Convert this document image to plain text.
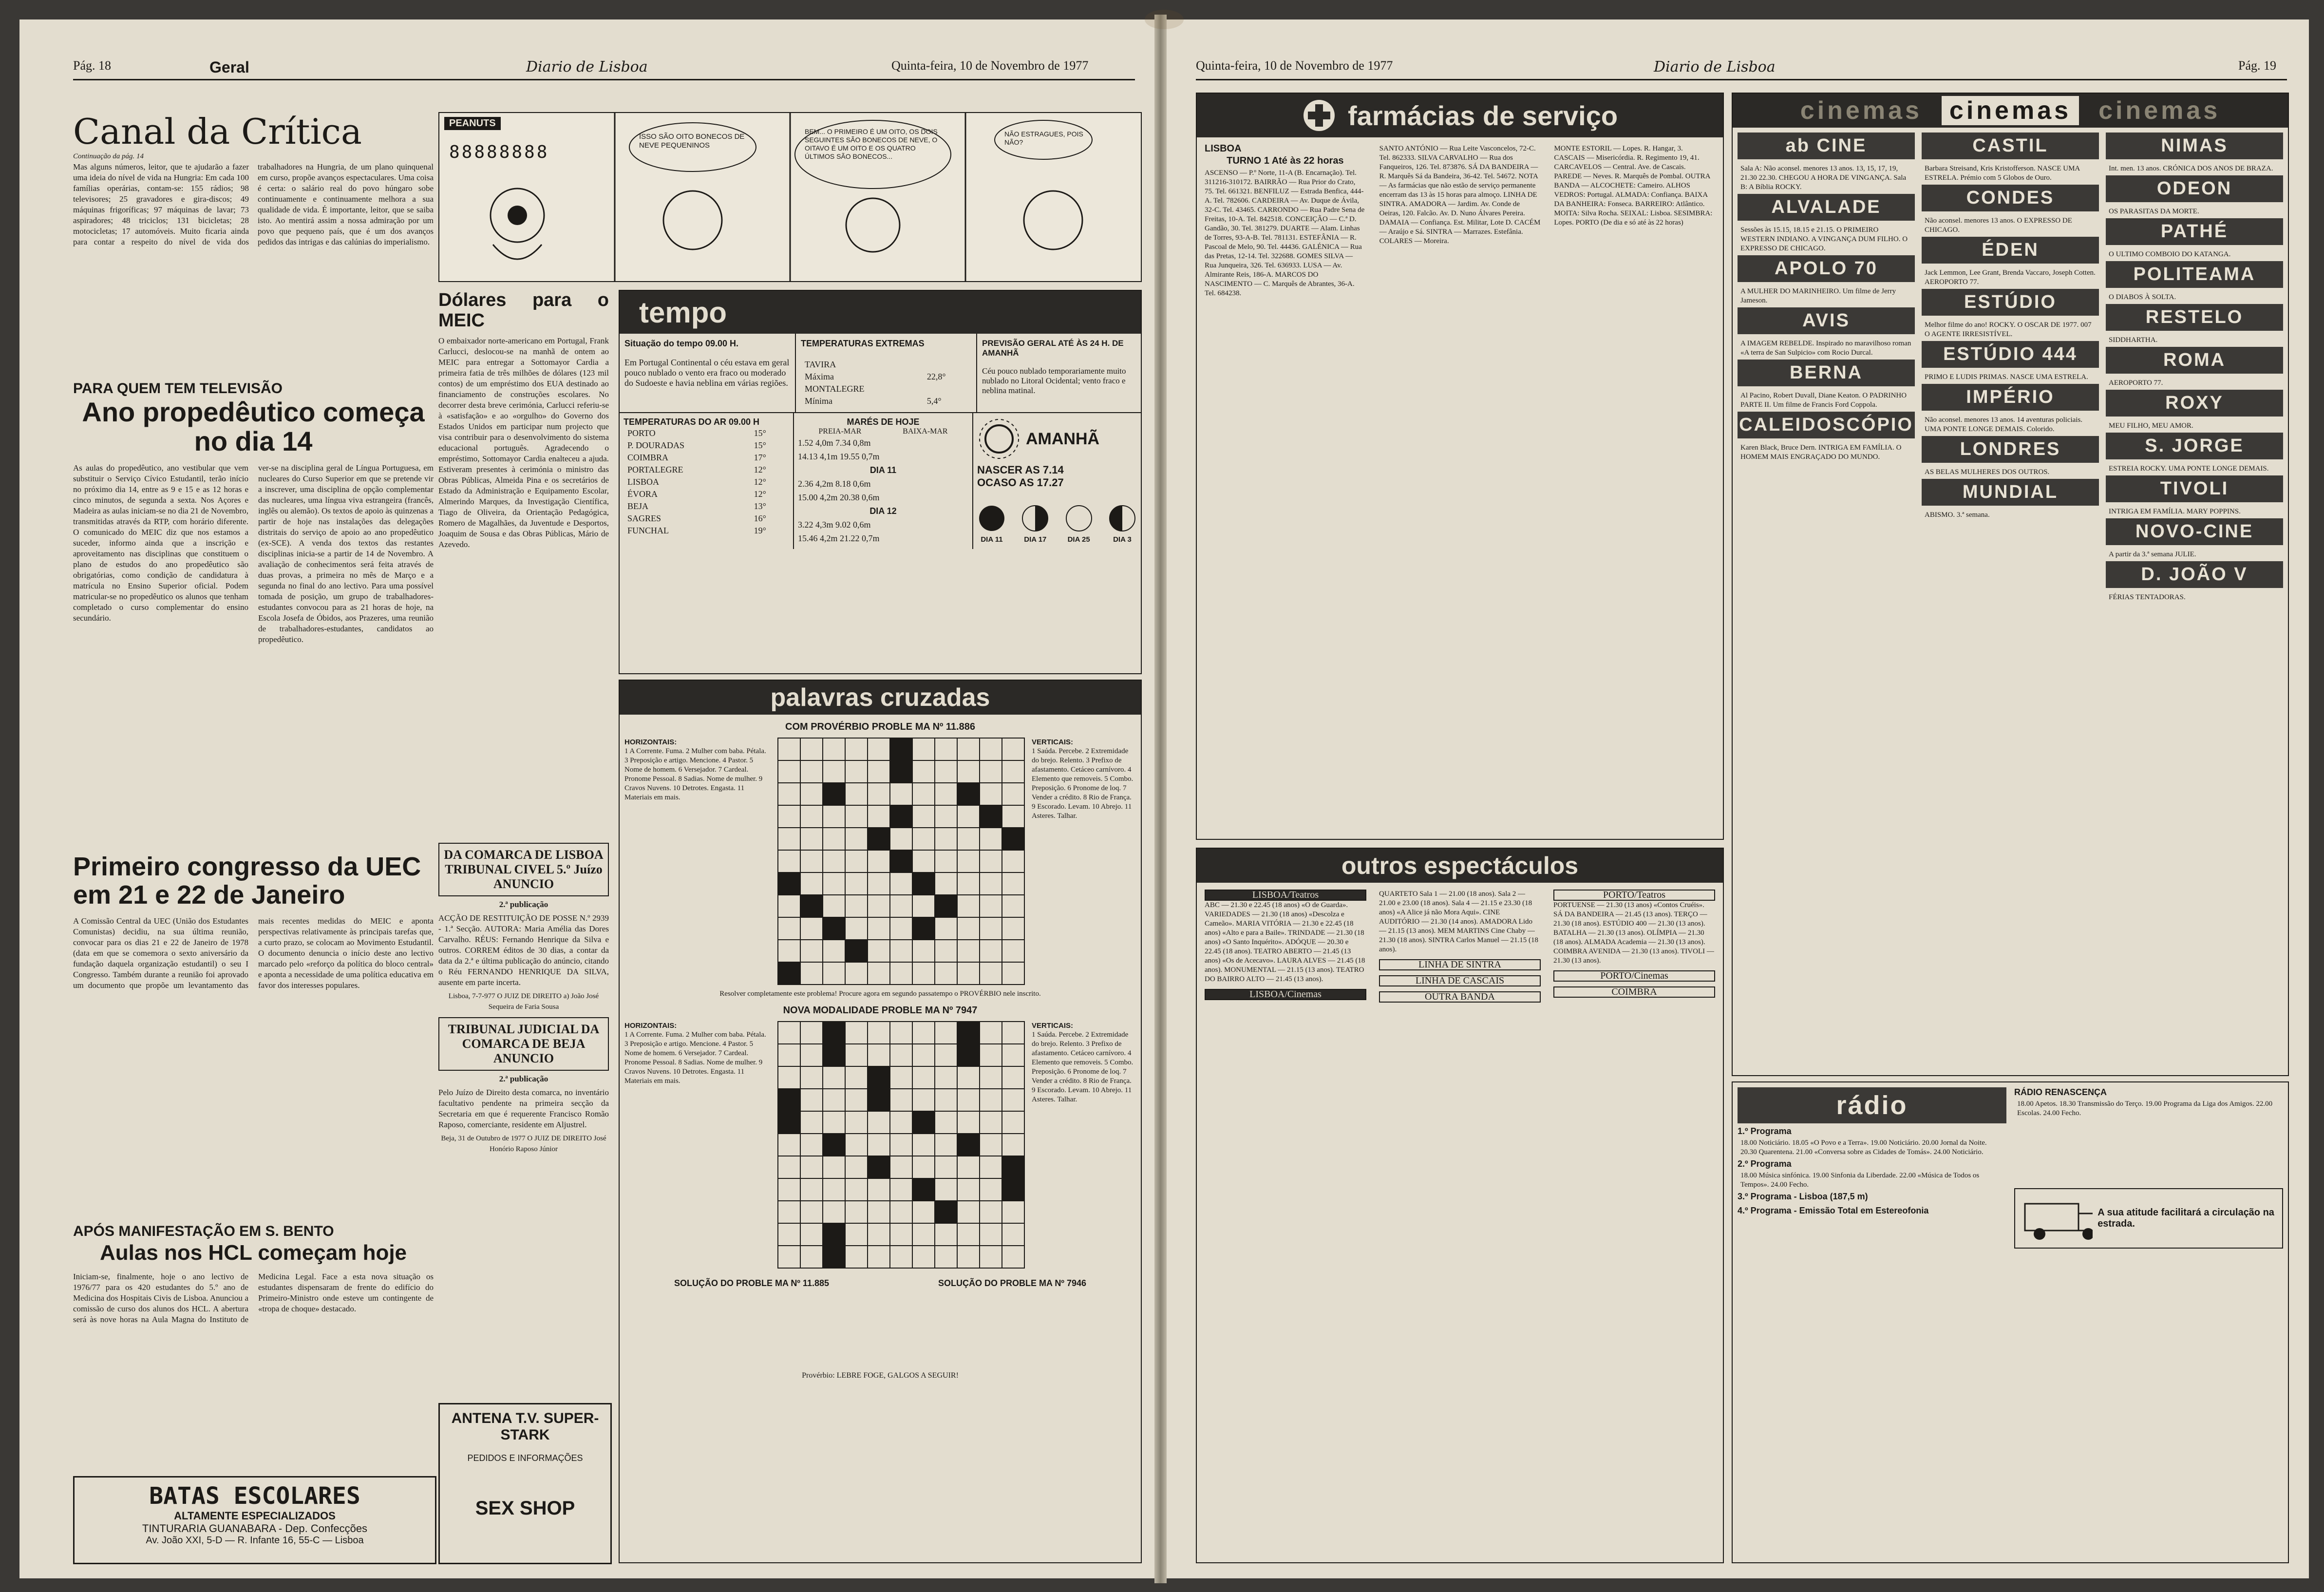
Pág. 18	Geral	Diario de Lisboa	Quinta-feira, 10 de Novembro de 1977
Canal da Crítica
Continuação da pág. 14

Mas alguns números, leitor, que te ajudarão a fazer uma ideia do nível de vida na Hungria: Em cada 100 famílias operárias, contam-se: 155 rádios; 98 televisores; 25 gravadores e gira-discos; 49 máquinas frigoríficas; 97 máquinas de lavar; 73 aspiradores; 48 triciclos; 131 bicicletas; 28 motocicletas; 17 automóveis. Muito ficaria ainda para contar a respeito do nível de vida dos trabalhadores na Hungria, de um plano quinquenal em curso, propõe avanços espectaculares. Uma coisa é certa: o salário real do povo húngaro sobe continuamente e continuamente melhora a sua qualidade de vida. É importante, leitor, que se saiba isto. Ao mentirá assim a nossa admiração por um povo que pequeno país, que é um dos avanços pedidos das intrigas e das calúnias do imperialismo.

PEANUTS
88888888
ISSO SÃO OITO BONECOS DE NEVE PEQUENINOS
BEM... O PRIMEIRO É UM OITO, OS DOIS SEGUINTES SÃO BONECOS DE NEVE, O OITAVO É UM OITO E OS QUATRO ÚLTIMOS SÃO BONECOS...
NÃO ESTRAGUES, POIS NÃO?
Dólares para o MEIC

O embaixador norte-americano em Portugal, Frank Carlucci, deslocou-se na manhã de ontem ao MEIC para entregar a Sottomayor Cardia a primeira fatia de três milhões de dólares (123 mil contos) de um empréstimo dos EUA destinado ao financiamento de construções escolares. No decorrer desta breve cerimónia, Carlucci referiu-se à «satisfação» e ao «orgulho» do Governo dos Estados Unidos em participar num projecto que visa contribuir para o desenvolvimento do sistema educacional português. Agradecendo o empréstimo, Sottomayor Cardia enalteceu a ajuda. Estiveram presentes à cerimónia o ministro das Obras Públicas, Almeida Pina e os secretários de Estado da Administração e Equipamento Escolar, Almerindo Marques, da Investigação Científica, Tiago de Oliveira, da Orientação Pedagógica, Romero de Magalhães, da Juventude e Desportos, Joaquim de Sousa e das Obras Públicas, Mário de Azevedo.

PARA QUEM TEM TELEVISÃO
Ano propedêutico começa no dia 14

As aulas do propedêutico, ano vestibular que vem substituir o Serviço Cívico Estudantil, terão início no próximo dia 14, entre as 9 e 15 e as 12 horas e cinco minutos, de segunda a sexta. Nos Açores e Madeira as aulas iniciam-se no dia 21 de Novembro, transmitidas através da RTP, com horário diferente. O comunicado do MEIC diz que nos estamos a suceder, informo ainda que a inscrição e aproveitamento nas disciplinas que constituem o plano de estudos do ano propedêutico são obrigatórias, como condição de candidatura à matrícula no Ensino Superior oficial. Podem matricular-se no propedêutico os alunos que tenham completado o curso complementar do ensino secundário.

ver-se na disciplina geral de Língua Portuguesa, em nucleares do Curso Superior em que se pretende vir a inscrever, uma disciplina de opção complementar das nucleares, uma língua viva estrangeira (francês, inglês ou alemão). Os textos de apoio às quinzenas a partir de hoje nas instalações das delegações distritais do serviço de apoio ao ano propedêutico (ex-SCE). A venda dos textos das restantes disciplinas inicia-se a partir de 14 de Novembro. A avaliação de conhecimentos será feita através de duas provas, a primeira no mês de Março e a segunda no final do ano lectivo. Para uma possível tomada de posição, um grupo de trabalhadores-estudantes convocou para as 21 horas de hoje, na Escola Josefa de Óbidos, aos Prazeres, uma reunião de trabalhadores-estudantes, candidatos ao propedêutico.

Primeiro congresso da UEC em 21 e 22 de Janeiro

A Comissão Central da UEC (União dos Estudantes Comunistas) decidiu, na sua última reunião, convocar para os dias 21 e 22 de Janeiro de 1978 (data em que se comemora o sexto aniversário da fundação daquela organização estudantil) o seu I Congresso. Também durante a reunião foi aprovado um documento que propõe um levantamento das mais recentes medidas do MEIC e aponta perspectivas relativamente às principais tarefas que, a curto prazo, se colocam ao Movimento Estudantil. O documento denuncia o início deste ano lectivo marcado pelo «reforço da política do bloco central» e aponta a necessidade de uma política educativa em favor dos interesses populares.

APÓS MANIFESTAÇÃO EM S. BENTO
Aulas nos HCL começam hoje

Iniciam-se, finalmente, hoje o ano lectivo de 1976/77 para os 420 estudantes do 5.º ano de Medicina dos Hospitais Civis de Lisboa. Anunciou a comissão de curso dos alunos dos HCL. A abertura será às nove horas na Aula Magna do Instituto de Medicina Legal. Face a esta nova situação os estudantes dispensaram de frente do edifício do Primeiro-Ministro onde esteve um contingente de «tropa de choque» destacado.

DA COMARCA DE LISBOA TRIBUNAL CIVEL 5.º Juízo ANUNCIO
2.ª publicação

ACÇÃO DE RESTITUIÇÃO DE POSSE N.º 2939 - 1.ª Secção. AUTORA: Maria Amélia das Dores Carvalho. RÉUS: Fernando Henrique da Silva e outros. CORREM éditos de 30 dias, a contar da data da 2.ª e última publicação do anúncio, citando o Réu FERNANDO HENRIQUE DA SILVA, ausente em parte incerta.

Lisboa, 7-7-977 O JUIZ DE DIREITO a) João José Sequeira de Faria Sousa

TRIBUNAL JUDICIAL DA COMARCA DE BEJA ANUNCIO
2.ª publicação

Pelo Juízo de Direito desta comarca, no inventário facultativo pendente na primeira secção da Secretaria em que é requerente Francisco Romão Raposo, comerciante, residente em Aljustrel.

Beja, 31 de Outubro de 1977 O JUIZ DE DIREITO José Honório Raposo Júnior

BATAS ESCOLARES
ALTAMENTE ESPECIALIZADOS
TINTURARIA GUANABARA - Dep. Confecções
Av. João XXI, 5-D — R. Infante 16, 55-C — Lisboa
ANTENA T.V. SUPER-STARK
PEDIDOS E INFORMAÇÕES
SEX SHOP
tempo
Situação do tempo 09.00 H.

Em Portugal Continental o céu estava em geral pouco nublado o vento era fraco ou moderado do Sudoeste e havia neblina em várias regiões.

TEMPERATURAS EXTREMAS
TAVIRA	
Máxima	22,8°
MONTALEGRE	
Mínima	5,4°
PREVISÃO GERAL ATÉ ÀS 24 H. DE AMANHÃ

Céu pouco nublado temporariamente muito nublado no Litoral Ocidental; vento fraco e neblina matinal.

TEMPERATURAS DO AR 09.00 H
PORTO	15°
P. DOURADAS	15°
COIMBRA	17°
PORTALEGRE	12°
LISBOA	12°
ÉVORA	12°
BEJA	13°
SAGRES	16°
FUNCHAL	19°
MARÉS DE HOJE
PREIA-MAR	BAIXA-MAR
1.52 4,0m 7.34 0,8m
14.13 4,1m 19.55 0,7m
DIA 11
2.36 4,2m 8.18 0,6m
15.00 4,2m 20.38 0,6m
DIA 12
3.22 4,3m 9.02 0,6m
15.46 4,2m 21.22 0,7m
AMANHÃ
NASCER AS 7.14
OCASO AS 17.27
DIA 11	DIA 17	DIA 25	DIA 3
palavras cruzadas
COM PROVÉRBIO PROBLE MA Nº 11.886
HORIZONTAIS:
1 A Corrente. Fuma. 2 Mulher com baba. Pétala. 3 Preposição e artigo. Mencione. 4 Pastor. 5 Nome de homem. 6 Versejador. 7 Cardeal. Pronome Pessoal. 8 Sadias. Nome de mulher. 9 Cravos Nuvens. 10 Detrotes. Engasta. 11 Materiais em mais.

VERTICAIS:
1 Saúda. Percebe. 2 Extremidade do brejo. Relento. 3 Prefixo de afastamento. Cetáceo carnívoro. 4 Elemento que removeis. 5 Combo. Preposição. 6 Pronome de loq. 7 Vender a crédito. 8 Rio de França. 9 Escorado. Levam. 10 Abrejo. 11 Asteres. Talhar.
Resolver completamente este problema! Procure agora em segundo passatempo o PROVÉRBIO nele inscrito.
NOVA MODALIDADE PROBLE MA Nº 7947
HORIZONTAIS:
1 A Corrente. Fuma. 2 Mulher com baba. Pétala. 3 Preposição e artigo. Mencione. 4 Pastor. 5 Nome de homem. 6 Versejador. 7 Cardeal. Pronome Pessoal. 8 Sadias. Nome de mulher. 9 Cravos Nuvens. 10 Detrotes. Engasta. 11 Materiais em mais.

VERTICAIS:
1 Saúda. Percebe. 2 Extremidade do brejo. Relento. 3 Prefixo de afastamento. Cetáceo carnívoro. 4 Elemento que removeis. 5 Combo. Preposição. 6 Pronome de loq. 7 Vender a crédito. 8 Rio de França. 9 Escorado. Levam. 10 Abrejo. 11 Asteres. Talhar.
SOLUÇÃO DO PROBLE MA Nº 11.885	SOLUÇÃO DO PROBLE MA Nº 7946
Provérbio: LEBRE FOGE, GALGOS A SEGUIR!
Quinta-feira, 10 de Novembro de 1977	Diario de Lisboa	Pág. 19
farmácias de serviço
LISBOA
TURNO 1 Até às 22 horas
ASCENSO — P.º Norte, 11-A (B. Encarnação). Tel. 311216-310172. BAIRRÃO — Rua Prior do Crato, 75. Tel. 661321. BENFILUZ — Estrada Benfica, 444-A. Tel. 782606. CARDEIRA — Av. Duque de Ávila, 32-C. Tel. 43465. CARRONDO — Rua Padre Sena de Freitas, 10-A. Tel. 842518. CONCEIÇÃO — C.ª D. Gandão, 30. Tel. 381279. DUARTE — Alam. Linhas de Torres, 93-A-B. Tel. 781131. ESTEFÂNIA — R. Pascoal de Melo, 90. Tel. 44436. GALÉNICA — Rua das Pretas, 12-14. Tel. 322688. GOMES SILVA — Rua Junqueira, 326. Tel. 636933. LUSA — Av. Almirante Reis, 186-A. MARCOS DO NASCIMENTO — C. Marquês de Abrantes, 36-A. Tel. 684238.
SANTO ANTÓNIO — Rua Leite Vasconcelos, 72-C. Tel. 862333. SILVA CARVALHO — Rua dos Fanqueiros, 126. Tel. 873876. SÁ DA BANDEIRA — R. Marquês Sá da Bandeira, 36-42. Tel. 54672. NOTA — As farmácias que não estão de serviço permanente encerram das 13 às 15 horas para almoço. LINHA DE SINTRA. AMADORA — Jardim. Av. Conde de Oeiras, 120. Falcão. Av. D. Nuno Álvares Pereira. DAMAIA — Confiança. Est. Militar, Lote D. CACÉM — Araújo e Sá. SINTRA — Marrazes. Estefânia. COLARES — Moreira.
MONTE ESTORIL — Lopes. R. Hangar, 3. CASCAIS — Misericórdia. R. Regimento 19, 41. CARCAVELOS — Central. Ave. de Cascais. PAREDE — Neves. R. Marquês de Pombal. OUTRA BANDA — ALCOCHETE: Cameiro. ALHOS VEDROS: Portugal. ALMADA: Confiança. BAIXA DA BANHEIRA: Fonseca. BARREIRO: Atlântico. MOITA: Silva Rocha. SEIXAL: Lisboa. SESIMBRA: Lopes. PORTO (De dia e só até às 22 horas)
outros espectáculos
LISBOA/Teatros
ABC — 21.30 e 22.45 (18 anos) «O de Guarda». VARIEDADES — 21.30 (18 anos) «Descolza e Cameão». MARIA VITÓRIA — 21.30 e 22.45 (18 anos) «Alto e para a Baile». TRINDADE — 21.30 (18 anos) «O Santo Inquérito». ADÓQUE — 20.30 e 22.45 (18 anos). TEATRO ABERTO — 21.45 (13 anos) «Os de Acecavo». LAURA ALVES — 21.45 (18 anos). MONUMENTAL — 21.15 (13 anos). TEATRO DO BAIRRO ALTO — 21.45 (13 anos).
LISBOA/Cinemas
QUARTETO Sala 1 — 21.00 (18 anos). Sala 2 — 21.00 e 23.00 (18 anos). Sala 4 — 21.15 e 23.30 (18 anos) «A Alice já não Mora Aqui». CINE AUDITÓRIO — 21.30 (14 anos). AMADORA Lido — 21.15 (13 anos). MEM MARTINS Cine Chaby — 21.30 (18 anos). SINTRA Carlos Manuel — 21.15 (18 anos).
LINHA DE SINTRA
LINHA DE CASCAIS
OUTRA BANDA
PORTO/Teatros
PORTUENSE — 21.30 (13 anos) «Contos Cruéis». SÁ DA BANDEIRA — 21.45 (13 anos). TERÇO — 21.30 (18 anos). ESTÚDIO 400 — 21.30 (13 anos). BATALHA — 21.30 (13 anos). OLÍMPIA — 21.30 (18 anos). ALMADA Academia — 21.30 (13 anos). COIMBRA AVENIDA — 21.30 (13 anos). TIVOLI — 21.30 (13 anos).
PORTO/Cinemas
COIMBRA
cinemas	cinemas	cinemas
ab CINE

Sala A: Não aconsel. menores 13 anos. 13, 15, 17, 19, 21.30 22.30. CHEGOU A HORA DE VINGANÇA. Sala B: A Bíblia ROCKY.

ALVALADE

Sessões às 15.15, 18.15 e 21.15. O PRIMEIRO WESTERN INDIANO. A VINGANÇA DUM FILHO. O EXPRESSO DE CHICAGO.

APOLO 70

A MULHER DO MARINHEIRO. Um filme de Jerry Jameson.

AVIS

A IMAGEM REBELDE. Inspirado no maravilhoso roman «A terra de San Sulpicio» com Rocio Durcal.

BERNA

Al Pacino, Robert Duvall, Diane Keaton. O PADRINHO PARTE II. Um filme de Francis Ford Coppola.

CALEIDOSCÓPIO

Karen Black, Bruce Dern. INTRIGA EM FAMÍLIA. O HOMEM MAIS ENGRAÇADO DO MUNDO.

CASTIL

Barbara Streisand, Kris Kristofferson. NASCE UMA ESTRELA. Prémio com 5 Globos de Ouro.

CONDES

Não aconsel. menores 13 anos. O EXPRESSO DE CHICAGO.

ÉDEN

Jack Lemmon, Lee Grant, Brenda Vaccaro, Joseph Cotten. AEROPORTO 77.

ESTÚDIO

Melhor filme do ano! ROCKY. O OSCAR DE 1977. 007 O AGENTE IRRESISTÍVEL.

ESTÚDIO 444

PRIMO E LUDIS PRIMAS. NASCE UMA ESTRELA.

IMPÉRIO

Não aconsel. menores 13 anos. 14 aventuras policiais. UMA PONTE LONGE DEMAIS. Colorido.

LONDRES

AS BELAS MULHERES DOS OUTROS.

MUNDIAL

ABISMO. 3.ª semana.

NIMAS

Int. men. 13 anos. CRÓNICA DOS ANOS DE BRAZA.

ODEON

OS PARASITAS DA MORTE.

PATHÉ

O ULTIMO COMBOIO DO KATANGA.

POLITEAMA

O DIABOS À SOLTA.

RESTELO

SIDDHARTHA.

ROMA

AEROPORTO 77.

ROXY

MEU FILHO, MEU AMOR.

S. JORGE

ESTREIA ROCKY. UMA PONTE LONGE DEMAIS.

TIVOLI

INTRIGA EM FAMÍLIA. MARY POPPINS.

NOVO-CINE

A partir da 3.ª semana JULIE.

D. JOÃO V

FÉRIAS TENTADORAS.

rádio
1.º Programa

18.00 Noticiário. 18.05 «O Povo e a Terra». 19.00 Noticiário. 20.00 Jornal da Noite. 20.30 Quarentena. 21.00 «Conversa sobre as Cidades de Tomás». 24.00 Noticiário.

2.º Programa

18.00 Música sinfónica. 19.00 Sinfonia da Liberdade. 22.00 «Música de Todos os Tempos». 24.00 Fecho.

3.º Programa - Lisboa (187,5 m)
4.º Programa - Emissão Total em Estereofonia
RÁDIO RENASCENÇA

18.00 Apetos. 18.30 Transmissão do Terço. 19.00 Programa da Liga dos Amigos. 22.00 Escolas. 24.00 Fecho.

A sua atitude facilitará a circulação na estrada.
